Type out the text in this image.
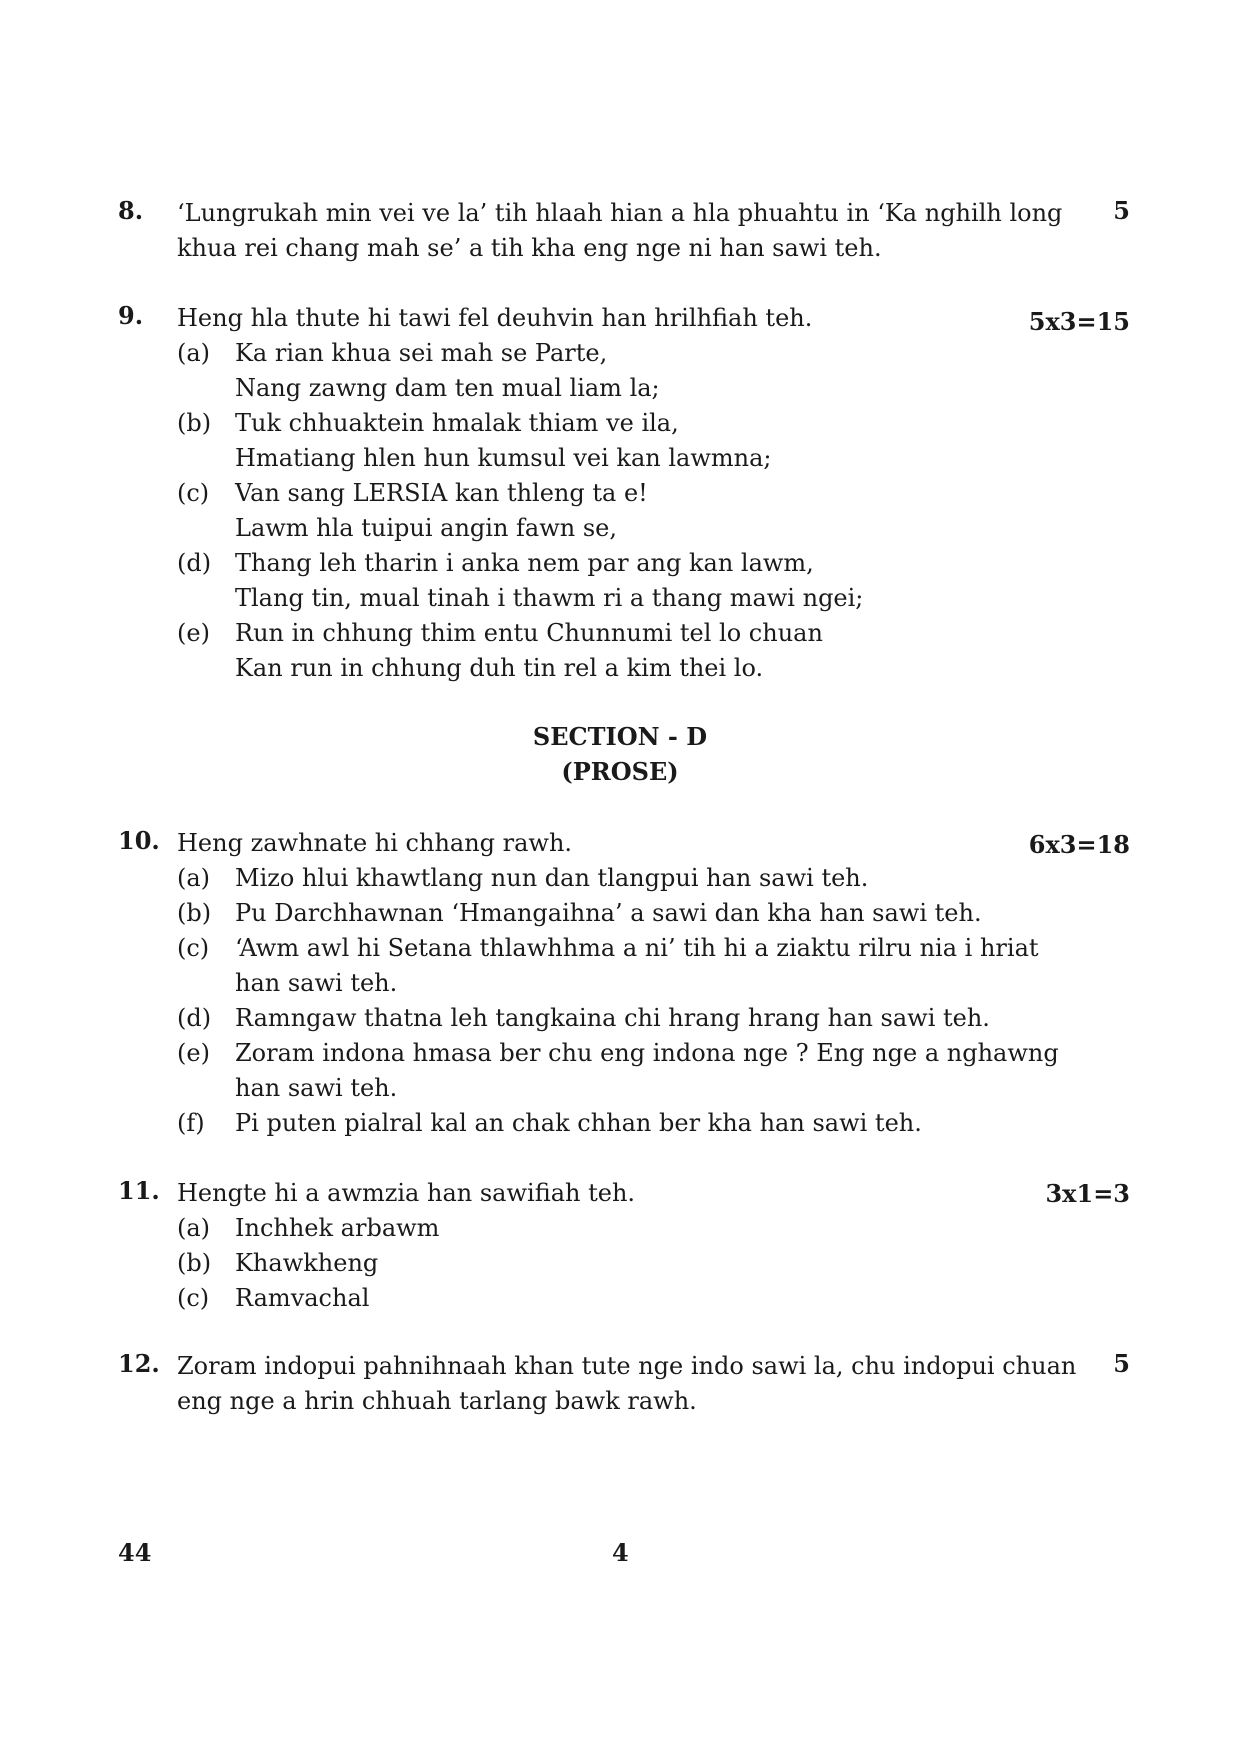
8. ‘Lungrukah min vei ve la’ tih hlaah hian a hla phuahtu in ‘Ka nghilh long khua rei chang mah se’ a tih kha eng nge ni han sawi teh.
5
9. Heng hla thute hi tawi fel deuhvin han hrilhfiah teh.	5x3=15
(a) Ka rian khua sei mah se Parte,
Nang zawng dam ten mual liam la;
(b) Tuk chhuaktein hmalak thiam ve ila,
Hmatiang hlen hun kumsul vei kan lawmna;
(c) Van sang LERSIA kan thleng ta e!
Lawm hla tuipui angin fawn se,
(d) Thang leh tharin i anka nem par ang kan lawm,
Tlang tin, mual tinah i thawm ri a thang mawi ngei;
(e) Run in chhung thim entu Chunnumi tel lo chuan
Kan run in chhung duh tin rel a kim thei lo.
SECTION - D
(PROSE)
10. Heng zawhnate hi chhang rawh.	6x3=18
(a) Mizo hlui khawtlang nun dan tlangpui han sawi teh.
(b) Pu Darchhawnan ‘Hmangaihna’ a sawi dan kha han sawi teh.
(c) ‘Awm awl hi Setana thlawhhma a ni’ tih hi a ziaktu rilru nia i hriat han sawi teh.
(d) Ramngaw thatna leh tangkaina chi hrang hrang han sawi teh.
(e) Zoram indona hmasa ber chu eng indona nge ? Eng nge a nghawng han sawi teh.
(f) Pi puten pialral kal an chak chhan ber kha han sawi teh.
11. Hengte hi a awmzia han sawifiah teh.	3x1=3
(a) Inchhek arbawm
(b) Khawkheng
(c) Ramvachal
12. Zoram indopui pahnihnaah khan tute nge indo sawi la, chu indopui chuan eng nge a hrin chhuah tarlang bawk rawh.
5
44	4
